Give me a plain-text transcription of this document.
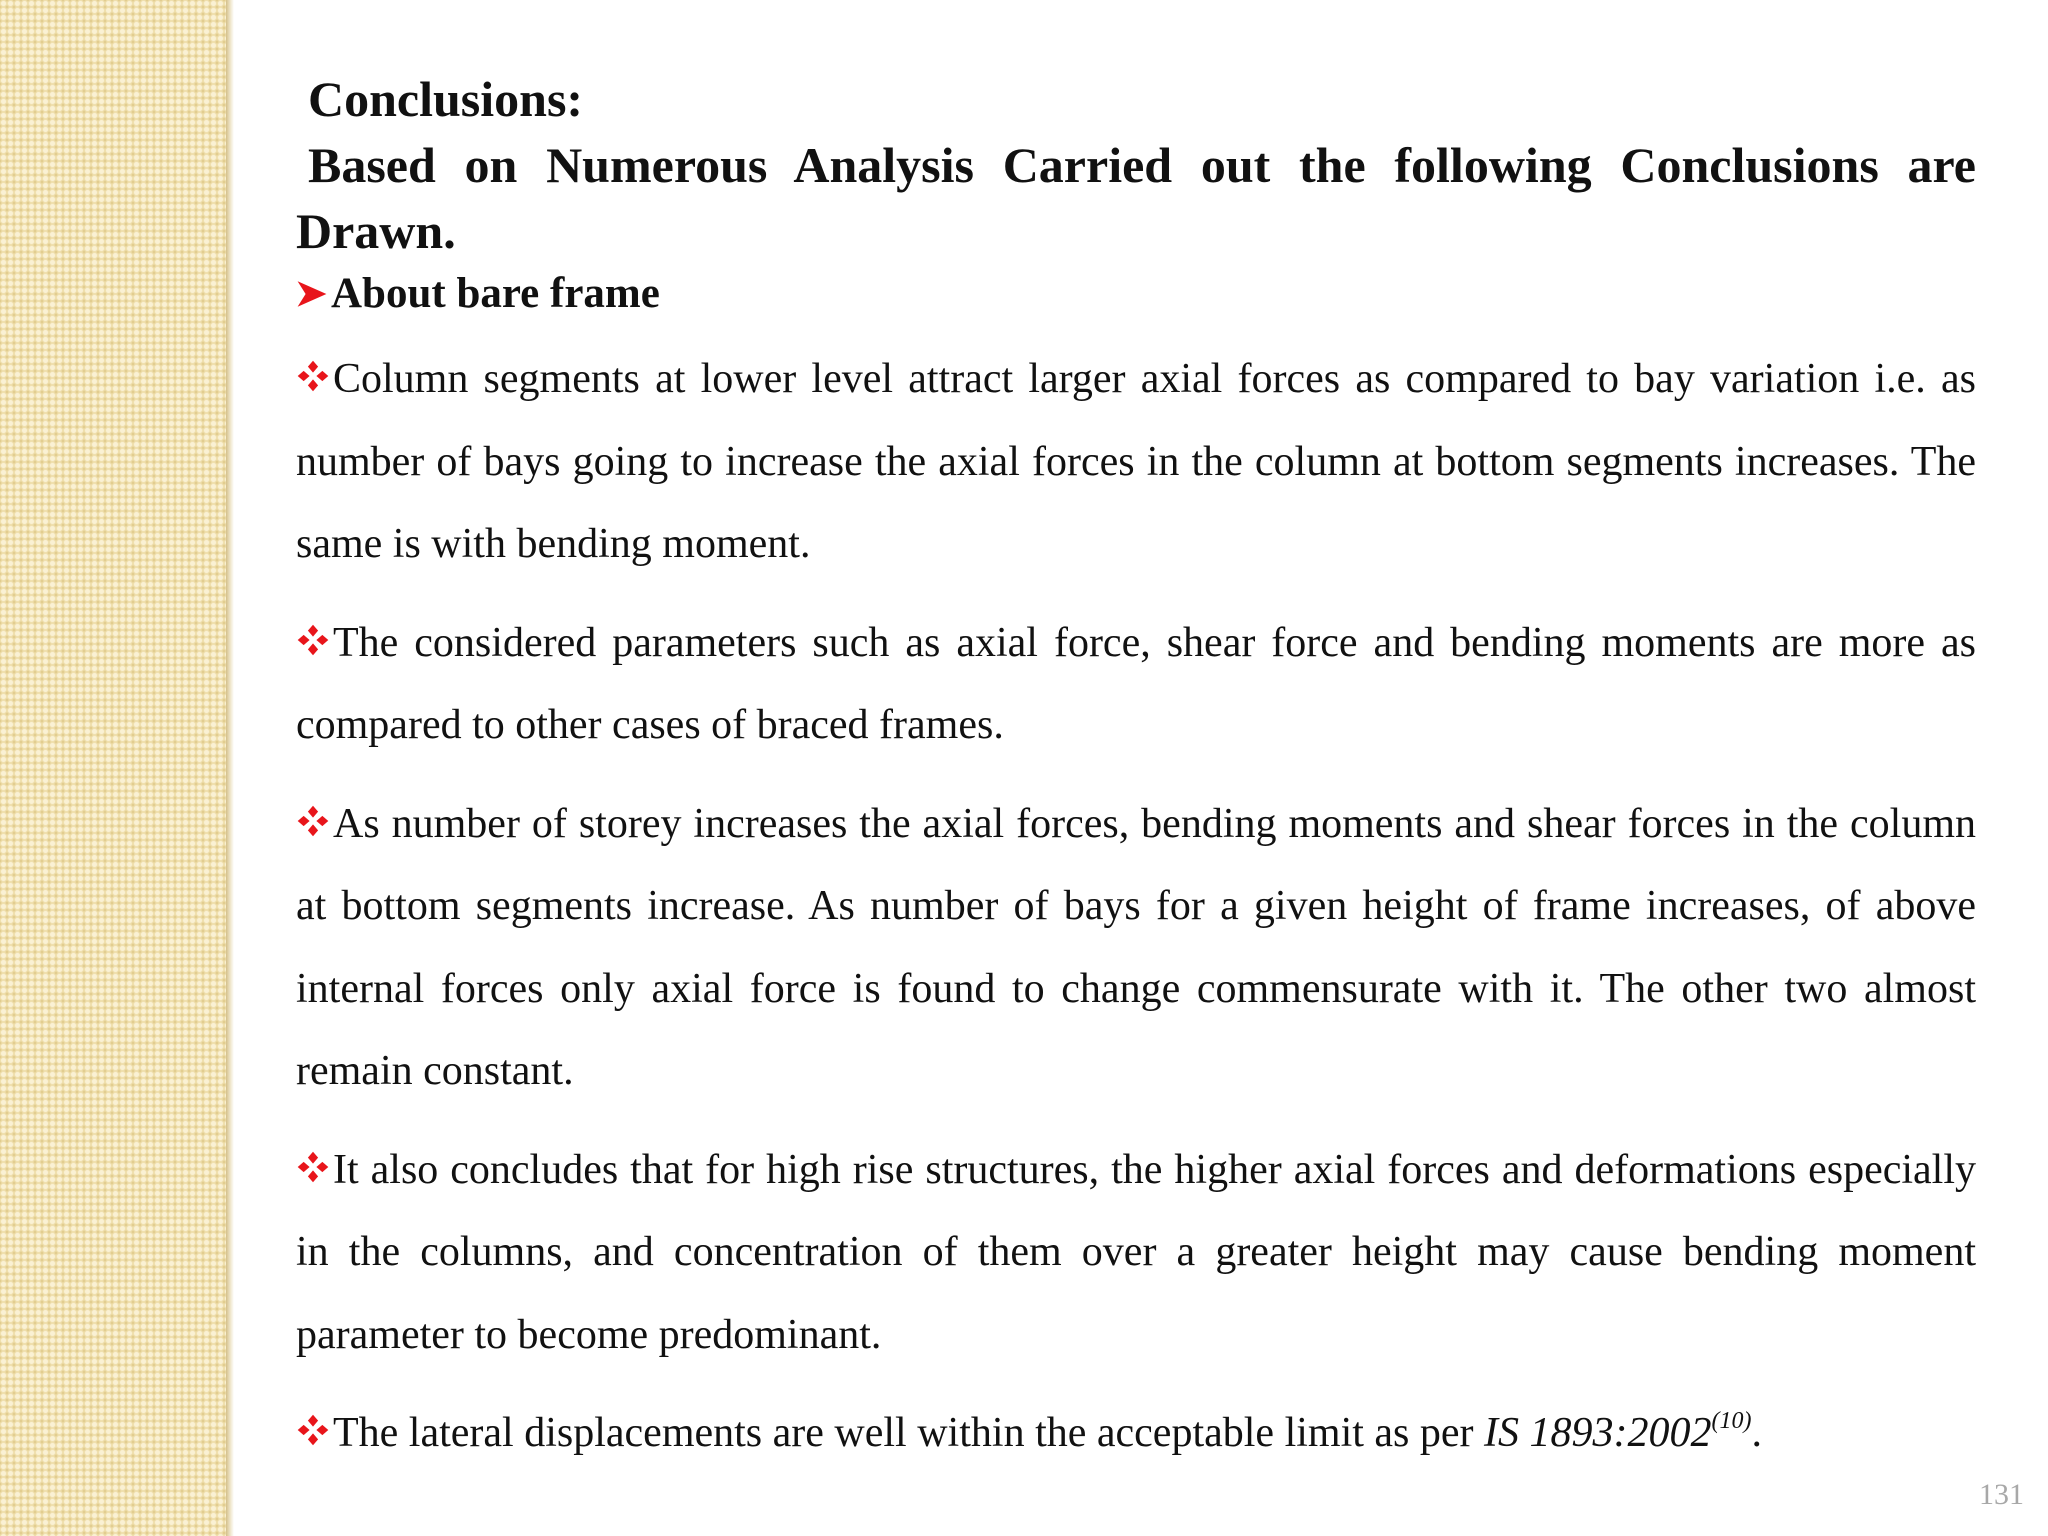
Conclusions:

Based on Numerous Analysis Carried out the following Conclusions are Drawn.

About bare frame

Column segments at lower level attract larger axial forces as compared to bay variation i.e. as number of bays going to increase the axial forces in the column at bottom segments increases. The same is with bending moment.

The considered parameters such as axial force, shear force and bending moments are more as compared to other cases of braced frames.

As number of storey increases the axial forces, bending moments and shear forces in the column at bottom segments increase. As number of bays for a given height of frame increases, of above internal forces only axial force is found to change commensurate with it. The other two almost remain constant.

It also concludes that for high rise structures, the higher axial forces and deformations especially in the columns, and concentration of them over a greater height may cause bending moment parameter to become predominant.

The lateral displacements are well within the acceptable limit as per IS 1893:2002$^{(10)}$.

131
